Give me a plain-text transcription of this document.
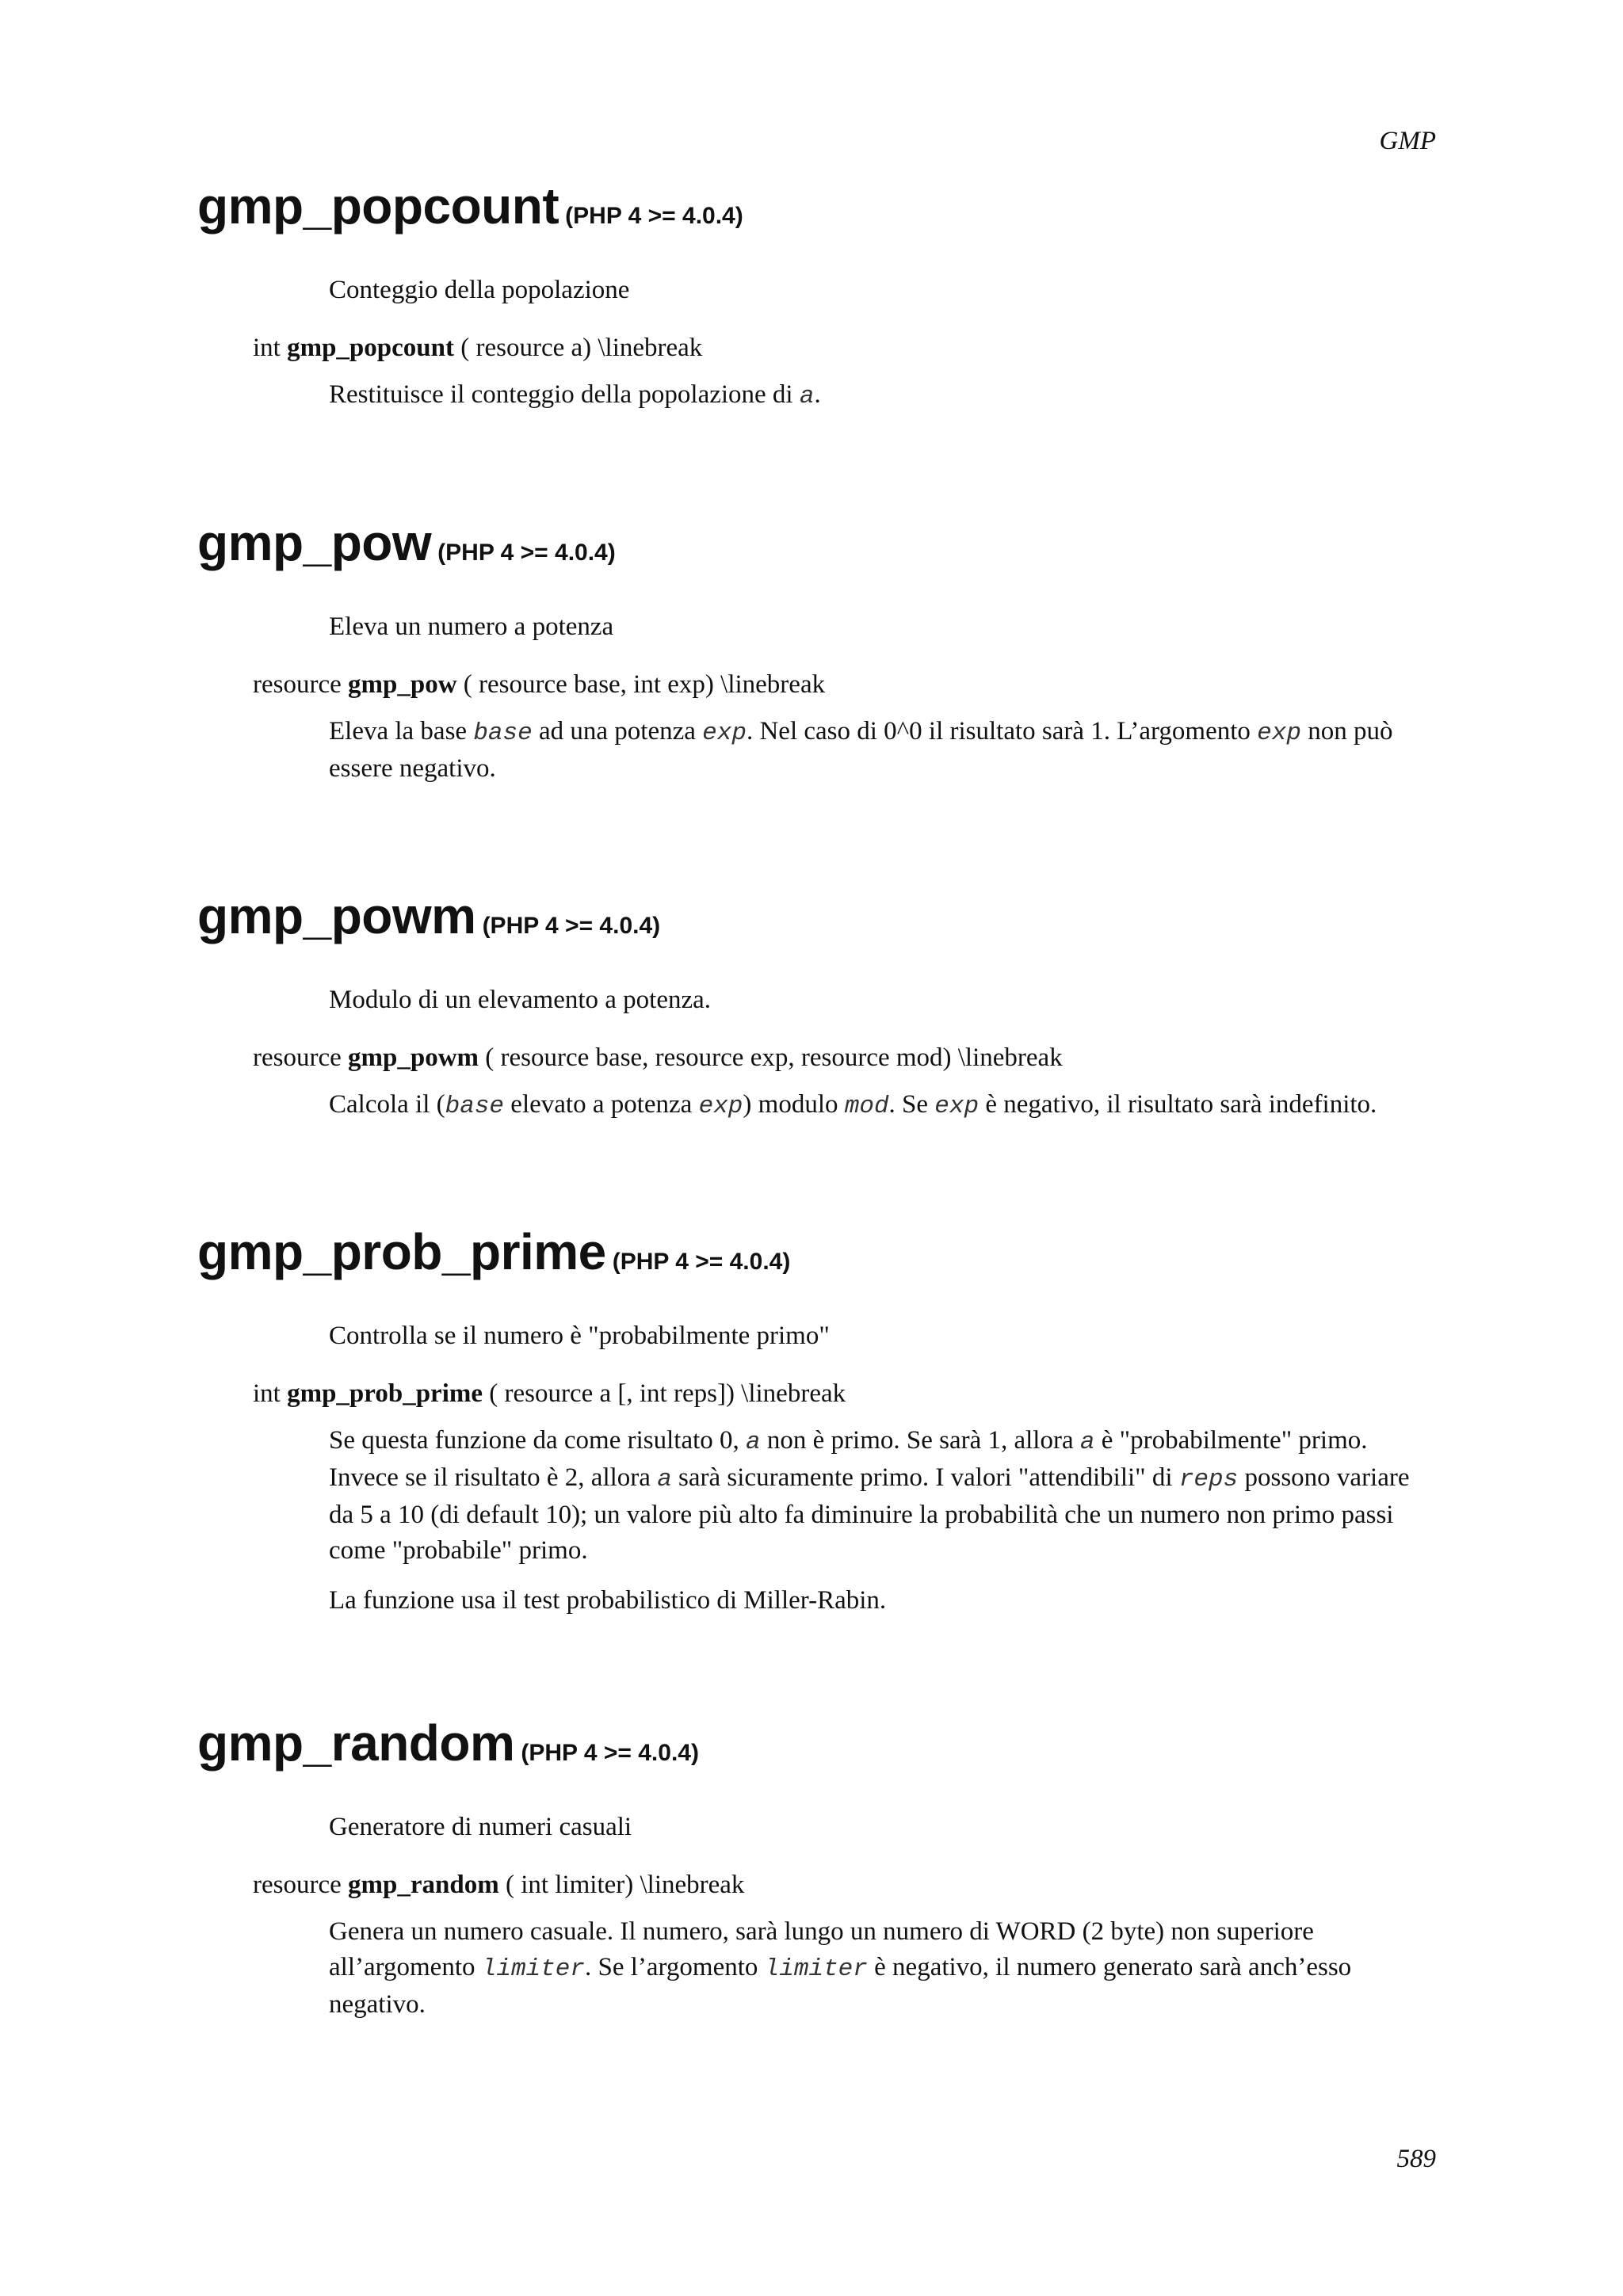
GMP
gmp_popcount (PHP 4 >= 4.0.4)
Conteggio della popolazione
int gmp_popcount ( resource a) \linebreak

Restituisce il conteggio della popolazione di a.

gmp_pow (PHP 4 >= 4.0.4)
Eleva un numero a potenza
resource gmp_pow ( resource base, int exp) \linebreak

Eleva la base base ad una potenza exp. Nel caso di 0^0 il risultato sarà 1. L’argomento exp non può essere negativo.

gmp_powm (PHP 4 >= 4.0.4)
Modulo di un elevamento a potenza.
resource gmp_powm ( resource base, resource exp, resource mod) \linebreak

Calcola il (base elevato a potenza exp) modulo mod. Se exp è negativo, il risultato sarà indefinito.

gmp_prob_prime (PHP 4 >= 4.0.4)
Controlla se il numero è "probabilmente primo"
int gmp_prob_prime ( resource a [, int reps]) \linebreak

Se questa funzione da come risultato 0, a non è primo. Se sarà 1, allora a è "probabilmente" primo. Invece se il risultato è 2, allora a sarà sicuramente primo. I valori "attendibili" di reps possono variare da 5 a 10 (di default 10); un valore più alto fa diminuire la probabilità che un numero non primo passi come "probabile" primo.

La funzione usa il test probabilistico di Miller-Rabin.

gmp_random (PHP 4 >= 4.0.4)
Generatore di numeri casuali
resource gmp_random ( int limiter) \linebreak

Genera un numero casuale. Il numero, sarà lungo un numero di WORD (2 byte) non superiore all’argomento limiter. Se l’argomento limiter è negativo, il numero generato sarà anch’esso negativo.

589
